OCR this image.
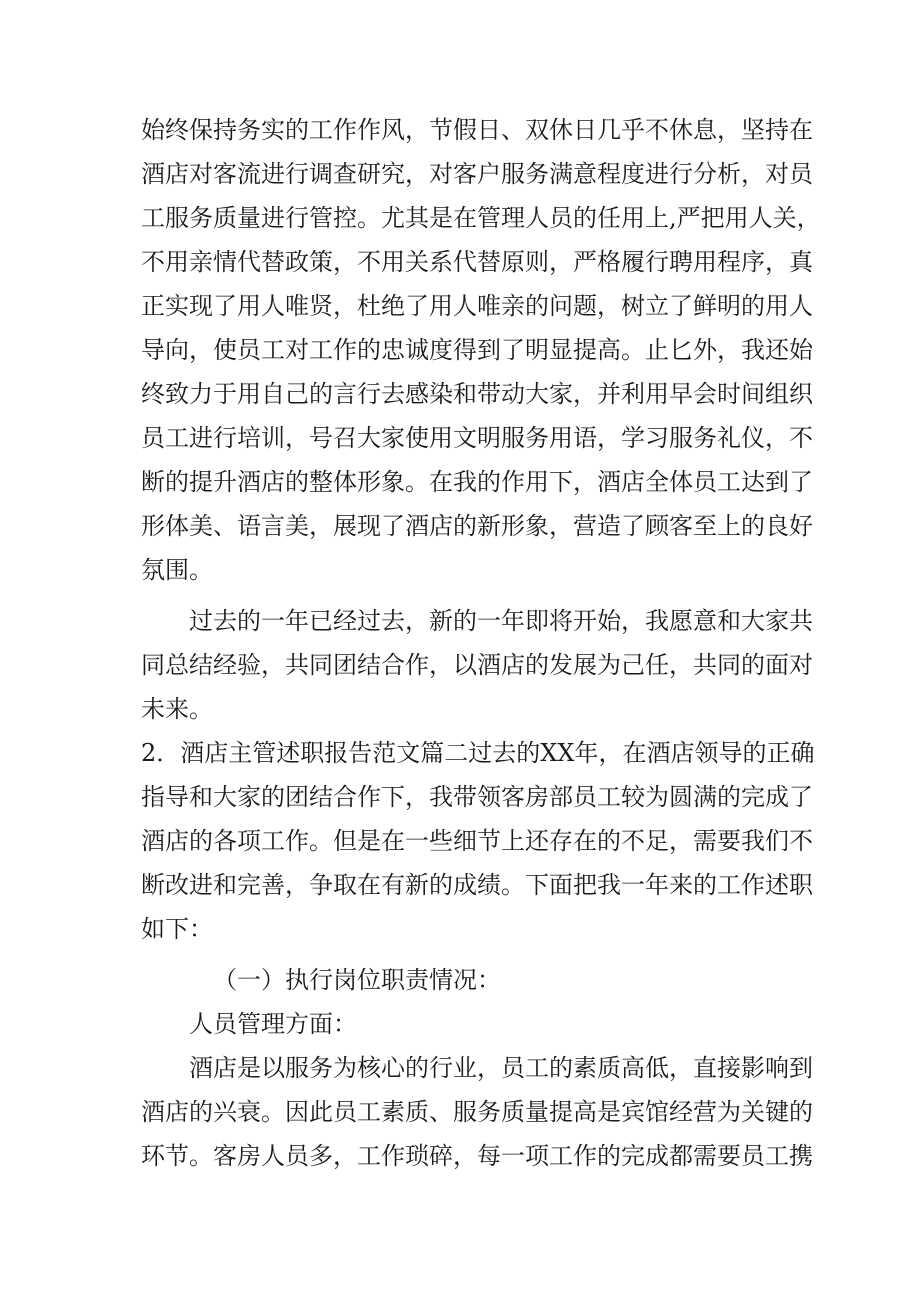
始终保持务实的工作作风，节假日、双休日几乎不休息，坚持在
酒店对客流进行调查研究，对客户服务满意程度进行分析，对员
工服务质量进行管控。尤其是在管理人员的任用上,严把用人关，
不用亲情代替政策，不用关系代替原则，严格履行聘用程序，真
正实现了用人唯贤，杜绝了用人唯亲的问题，树立了鲜明的用人
导向，使员工对工作的忠诚度得到了明显提高。止匕外，我还始
终致力于用自己的言行去感染和带动大家，并利用早会时间组织
员工进行培训，号召大家使用文明服务用语，学习服务礼仪，不
断的提升酒店的整体形象。在我的作用下，酒店全体员工达到了
形体美、语言美，展现了酒店的新形象，营造了顾客至上的良好
氛围。
过去的一年已经过去，新的一年即将开始，我愿意和大家共
同总结经验，共同团结合作，以酒店的发展为己任，共同的面对
未来。
2．酒店主管述职报告范文篇二过去的XX年，在酒店领导的正确
指导和大家的团结合作下，我带领客房部员工较为圆满的完成了
酒店的各项工作。但是在一些细节上还存在的不足，需要我们不
断改进和完善，争取在有新的成绩。下面把我一年来的工作述职
如下：
（一）执行岗位职责情况：
人员管理方面：
酒店是以服务为核心的行业，员工的素质高低，直接影响到
酒店的兴衰。因此员工素质、服务质量提高是宾馆经营为关键的
环节。客房人员多，工作琐碎，每一项工作的完成都需要员工携
